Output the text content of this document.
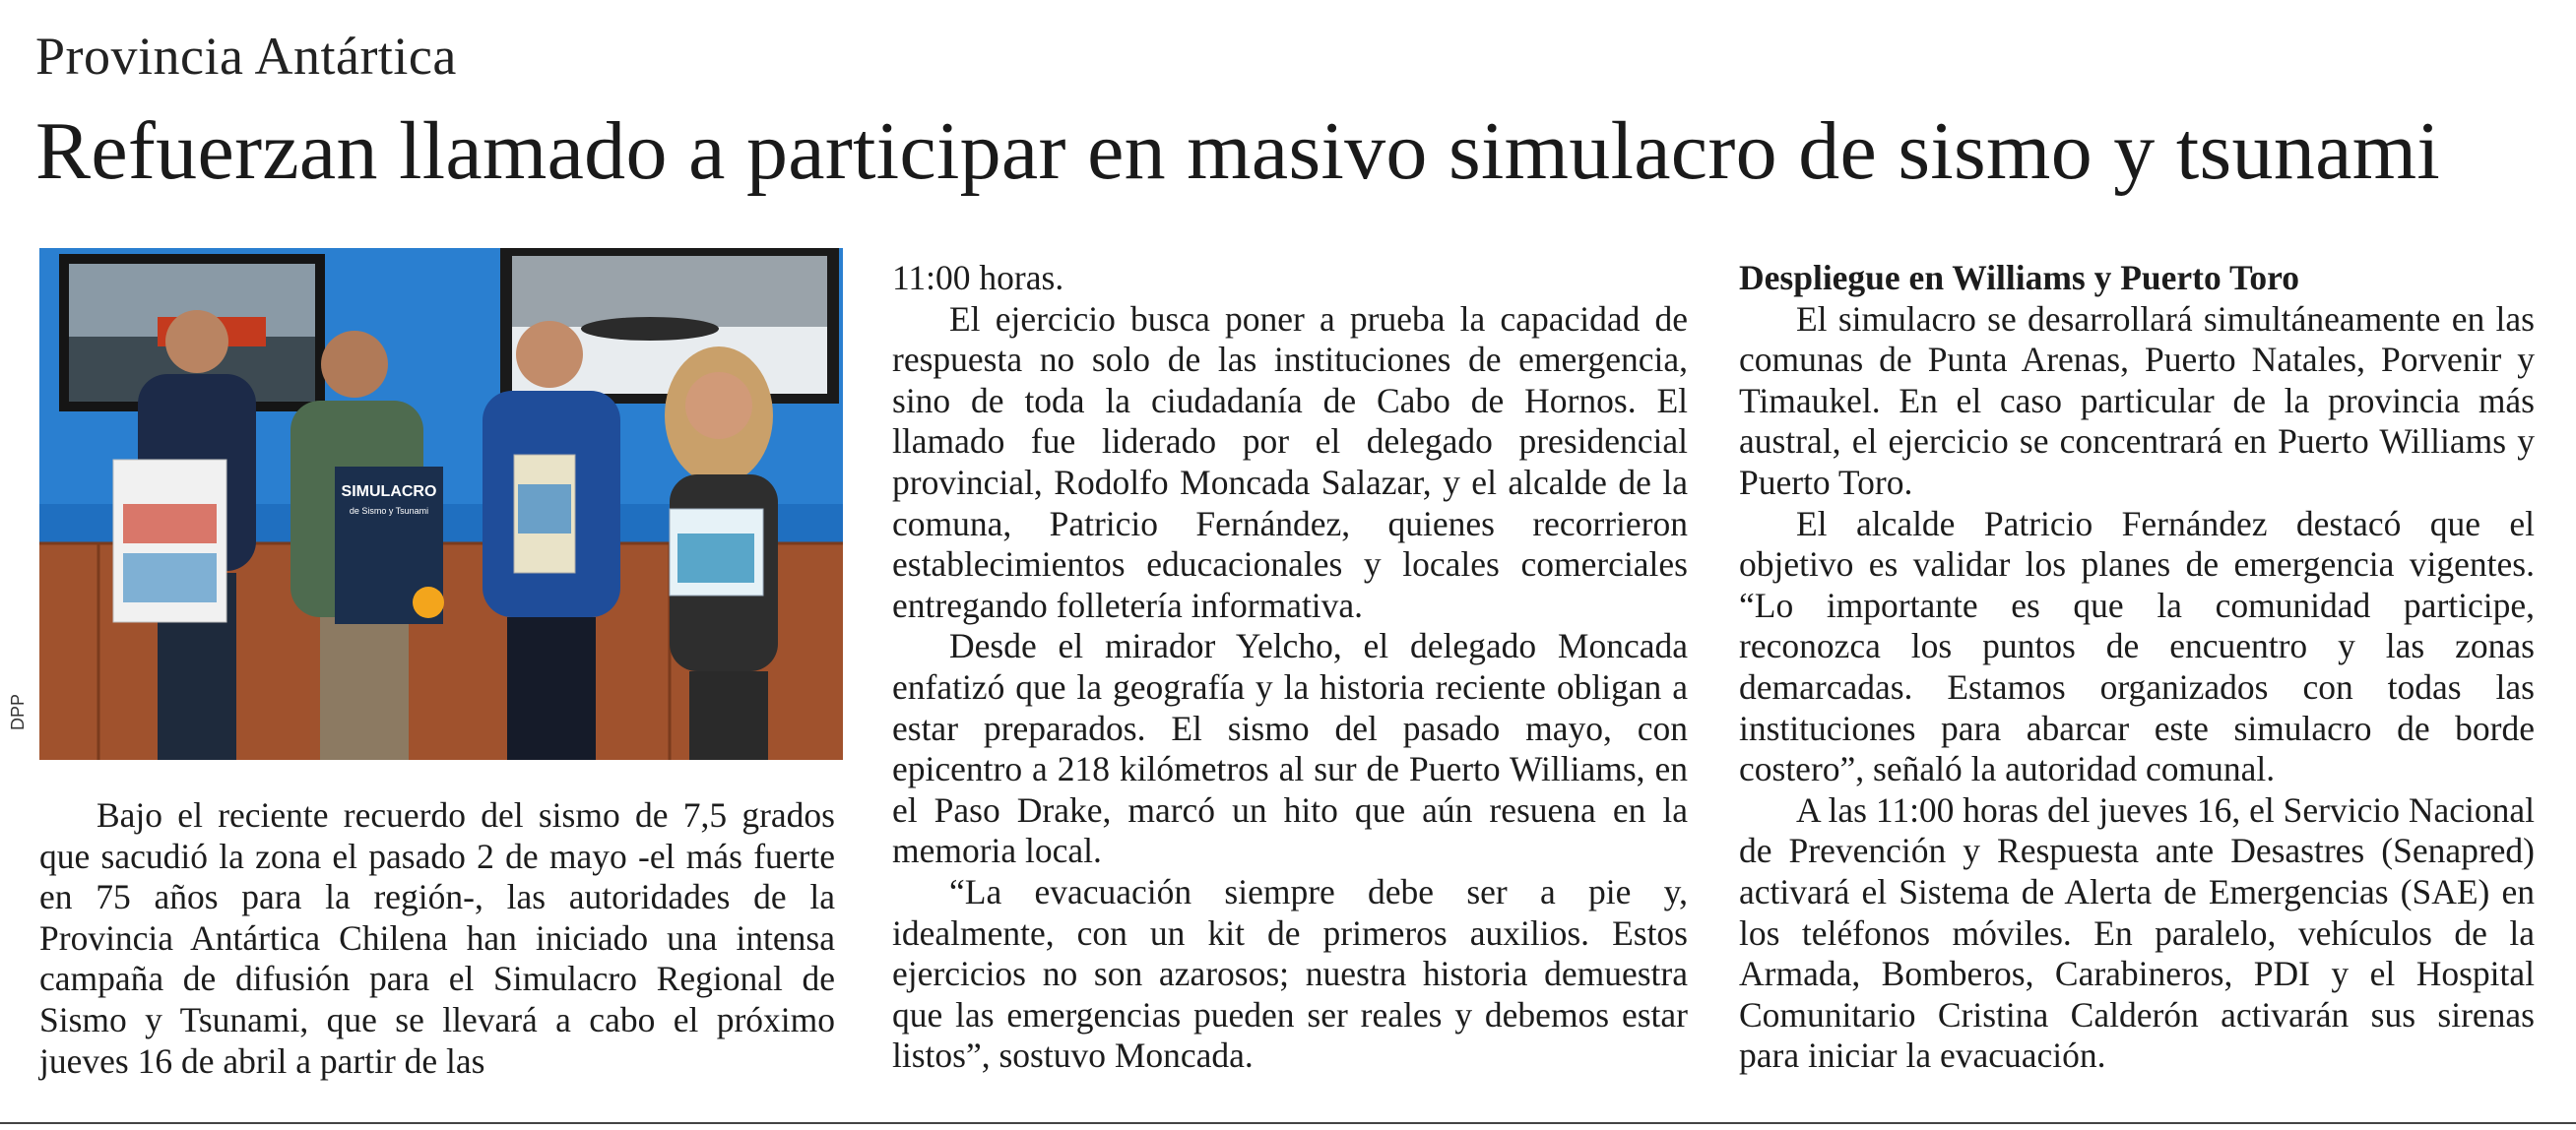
Provincia Antártica
Refuerzan llamado a participar en masivo simulacro de sismo y tsunami
SIMULACRO
de Sismo y Tsunami
DPP

Bajo el reciente recuerdo del sismo de 7,5 grados que sacudió la zona el pasado 2 de mayo -el más fuerte en 75 años para la región-, las autoridades de la Provincia Antártica Chilena han iniciado una intensa campaña de difusión para el Simulacro Regional de Sismo y Tsunami, que se llevará a cabo el próximo jueves 16 de abril a partir de las

11:00 horas.

El ejercicio busca poner a prueba la capacidad de respuesta no solo de las instituciones de emergencia, sino de toda la ciudadanía de Cabo de Hornos. El llamado fue liderado por el delegado presidencial provincial, Rodolfo Moncada Salazar, y el alcalde de la comuna, Patricio Fernández, quienes recorrieron establecimientos educacionales y locales comerciales entregando folletería informativa.

Desde el mirador Yelcho, el delegado Moncada enfatizó que la geografía y la historia reciente obligan a estar preparados. El sismo del pasado mayo, con epicentro a 218 kilómetros al sur de Puerto Williams, en el Paso Drake, marcó un hito que aún resuena en la memoria local.

“La evacuación siempre debe ser a pie y, idealmente, con un kit de primeros auxilios. Estos ejercicios no son azarosos; nuestra historia demuestra que las emergencias pueden ser reales y debemos estar listos”, sostuvo Moncada.

Despliegue en Williams y Puerto Toro

El simulacro se desarrollará simultáneamente en las comunas de Punta Arenas, Puerto Natales, Porvenir y Timaukel. En el caso particular de la provincia más austral, el ejercicio se concentrará en Puerto Williams y Puerto Toro.

El alcalde Patricio Fernández destacó que el objetivo es validar los planes de emergencia vigentes. “Lo importante es que la comunidad participe, reconozca los puntos de encuentro y las zonas demarcadas. Estamos organizados con todas las instituciones para abarcar este simulacro de borde costero”, señaló la autoridad comunal.

A las 11:00 horas del jueves 16, el Servicio Nacional de Prevención y Respuesta ante Desastres (Senapred) activará el Sistema de Alerta de Emergencias (SAE) en los teléfonos móviles. En paralelo, vehículos de la Armada, Bomberos, Carabineros, PDI y el Hospital Comunitario Cristina Calderón activarán sus sirenas para iniciar la evacuación.
